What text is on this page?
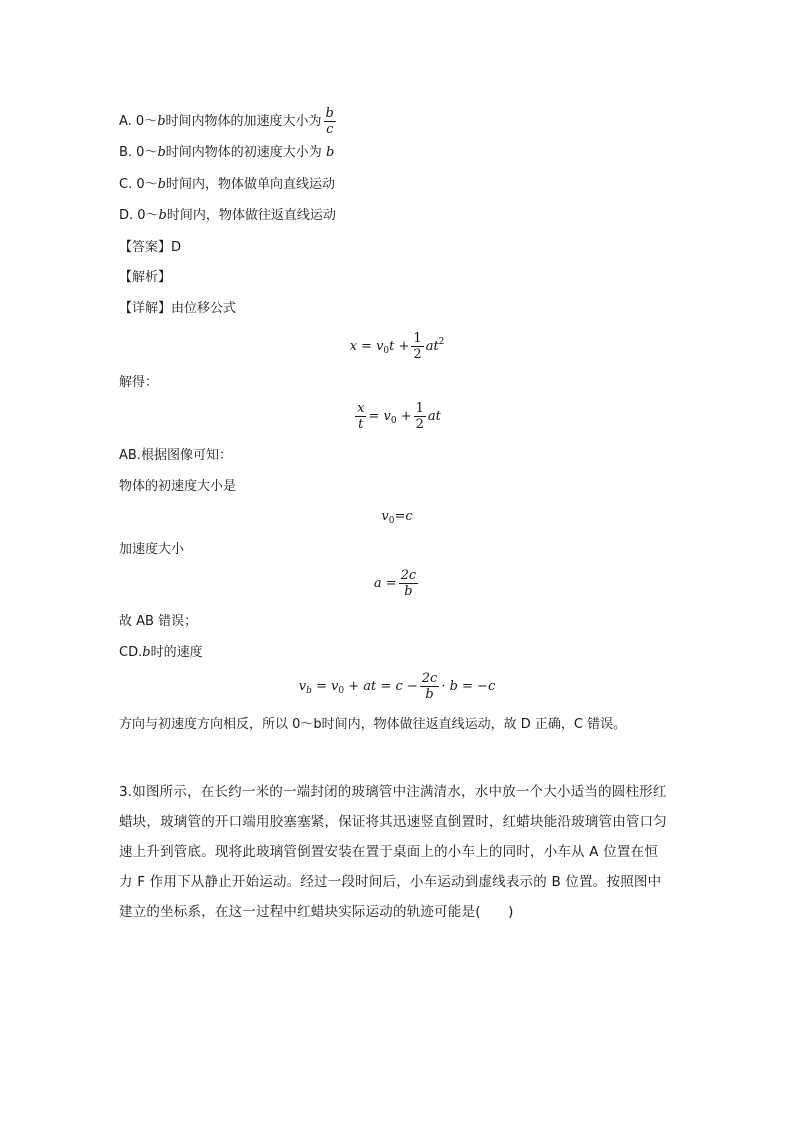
A. 0～b时间内物体的加速度大小为 $\frac{b}{c}$
B. 0～b时间内物体的初速度大小为 b
C. 0～b时间内，物体做单向直线运动
D. 0～b时间内，物体做往返直线运动
【答案】D
【解析】
【详解】由位移公式
$x = v_0t + \frac{1}{2} at^2$
解得：
$\frac{x}{t} = v_0 + \frac{1}{2}$ at
AB.根据图像可知：
物体的初速度大小是
$v_0=c$
加速度大小
$a = \frac{2c}{b}$
故 AB 错误；
CD.b时的速度
$v_b = v_0$ + at = $c - \frac{2c}{b} \cdot b = -c$
方向与初速度方向相反，所以 0～b时间内，物体做往返直线运动，故 D 正确，C 错误。
3.如图所示，在长约一米的一端封闭的玻璃管中注满清水，水中放一个大小适当的圆柱形红
蜡块，玻璃管的开口端用胶塞塞紧，保证将其迅速竖直倒置时，红蜡块能沿玻璃管由管口匀
速上升到管底。现将此玻璃管倒置安装在置于桌面上的小车上的同时，小车从 A 位置在恒
力 F 作用下从静止开始运动。经过一段时间后，小车运动到虚线表示的 B 位置。按照图中
建立的坐标系，在这一过程中红蜡块实际运动的轨迹可能是(　　)
